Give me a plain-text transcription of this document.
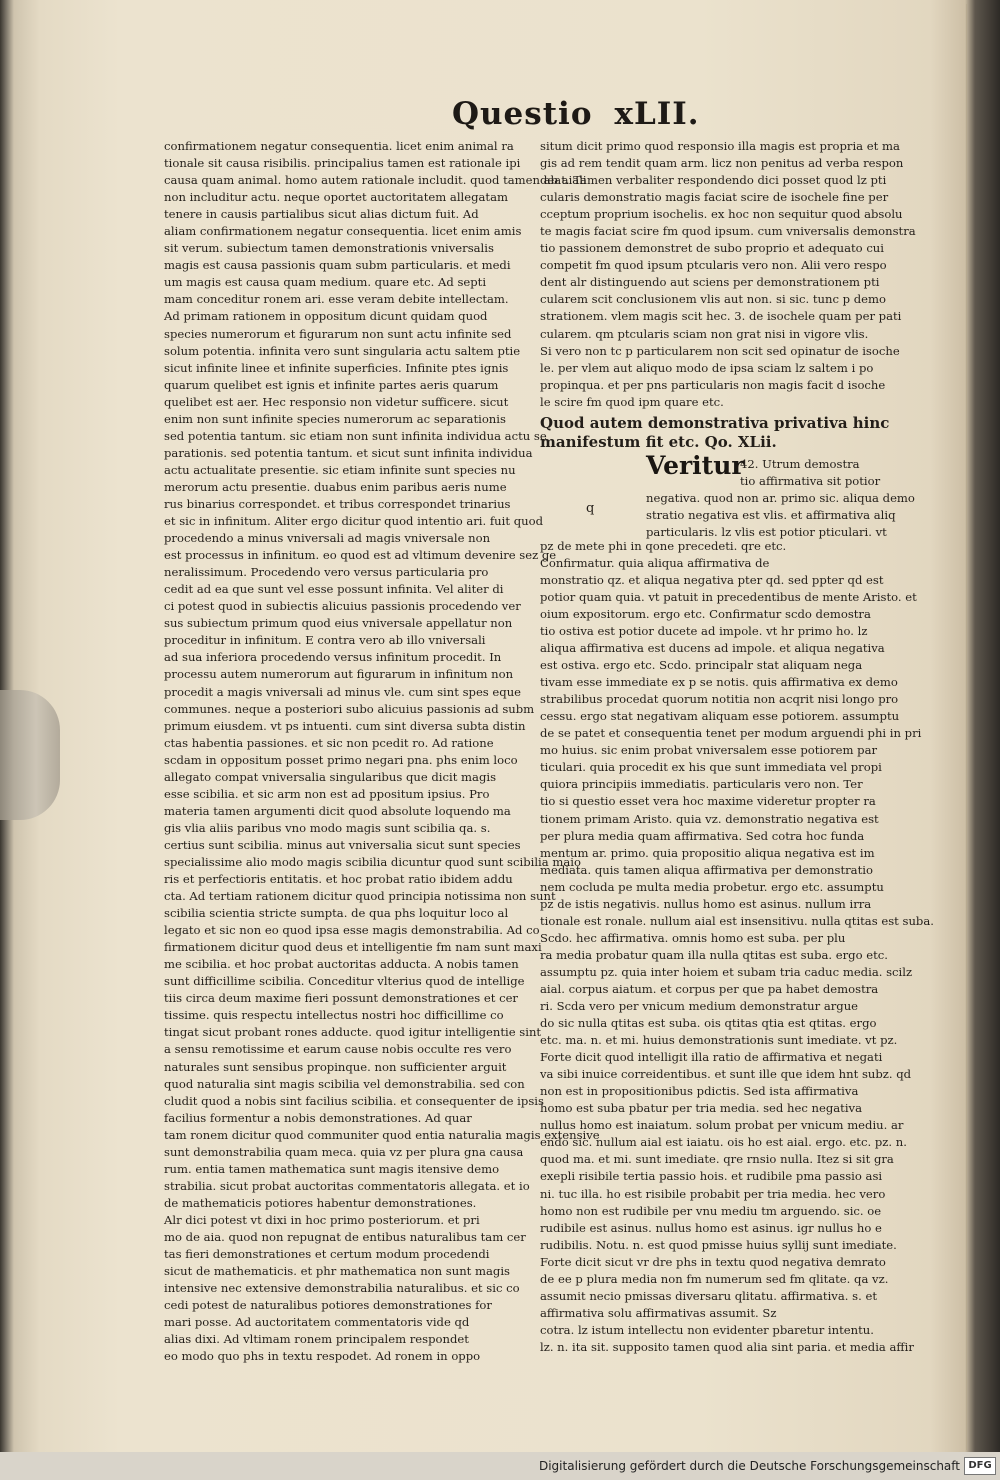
Questio xLII.
confirmationem negatur consequentia. licet enim animal ra
tionale sit causa risibilis. principalius tamen est rationale ipi
causa quam animal. homo autem rationale includit. quod tamen ab aiali
non includitur actu. neque oportet auctoritatem allegatam
tenere in causis partialibus sicut alias dictum fuit. Ad
aliam confirmationem negatur consequentia. licet enim amis
sit verum. subiectum tamen demonstrationis vniversalis
magis est causa passionis quam subm particularis. et medi
um magis est causa quam medium. quare etc. Ad septi
mam conceditur ronem ari. esse veram debite intellectam.
Ad primam rationem in oppositum dicunt quidam quod
species numerorum et figurarum non sunt actu infinite sed
solum potentia. infinita vero sunt singularia actu saltem ptie
sicut infinite linee et infinite superficies. Infinite ptes ignis
quarum quelibet est ignis et infinite partes aeris quarum
quelibet est aer. Hec responsio non videtur sufficere. sicut
enim non sunt infinite species numerorum ac separationis
sed potentia tantum. sic etiam non sunt infinita individua actu se
parationis. sed potentia tantum. et sicut sunt infinita individua
actu actualitate presentie. sic etiam infinite sunt species nu
merorum actu presentie. duabus enim paribus aeris nume
rus binarius correspondet. et tribus correspondet trinarius
et sic in infinitum. Aliter ergo dicitur quod intentio ari. fuit quod
procedendo a minus vniversali ad magis vniversale non
est processus in infinitum. eo quod est ad vltimum devenire sez ge
neralissimum. Procedendo vero versus particularia pro
cedit ad ea que sunt vel esse possunt infinita. Vel aliter di
ci potest quod in subiectis alicuius passionis procedendo ver
sus subiectum primum quod eius vniversale appellatur non
proceditur in infinitum. E contra vero ab illo vniversali
ad sua inferiora procedendo versus infinitum procedit. In
processu autem numerorum aut figurarum in infinitum non
procedit a magis vniversali ad minus vle. cum sint spes eque
communes. neque a posteriori subo alicuius passionis ad subm
primum eiusdem. vt ps intuenti. cum sint diversa subta distin
ctas habentia passiones. et sic non pcedit ro. Ad ratione
scdam in oppositum posset primo negari pna. phs enim loco
allegato compat vniversalia singularibus que dicit magis
esse scibilia. et sic arm non est ad ppositum ipsius. Pro
materia tamen argumenti dicit quod absolute loquendo ma
gis vlia aliis paribus vno modo magis sunt scibilia qa. s.
certius sunt scibilia. minus aut vniversalia sicut sunt species
specialissime alio modo magis scibilia dicuntur quod sunt scibilia maio
ris et perfectioris entitatis. et hoc probat ratio ibidem addu
cta. Ad tertiam rationem dicitur quod principia notissima non sunt
scibilia scientia stricte sumpta. de qua phs loquitur loco al
legato et sic non eo quod ipsa esse magis demonstrabilia. Ad co
firmationem dicitur quod deus et intelligentie fm nam sunt maxi
me scibilia. et hoc probat auctoritas adducta. A nobis tamen
sunt difficillime scibilia. Conceditur vlterius quod de intellige
tiis circa deum maxime fieri possunt demonstrationes et cer
tissime. quis respectu intellectus nostri hoc difficillime co
tingat sicut probant rones adducte. quod igitur intelligentie sint
a sensu remotissime et earum cause nobis occulte res vero
naturales sunt sensibus propinque. non sufficienter arguit
quod naturalia sint magis scibilia vel demonstrabilia. sed con
cludit quod a nobis sint facilius scibilia. et consequenter de ipsis
facilius formentur a nobis demonstrationes. Ad quar
tam ronem dicitur quod communiter quod entia naturalia magis extensive
sunt demonstrabilia quam meca. quia vz per plura gna causa
rum. entia tamen mathematica sunt magis itensive demo
strabilia. sicut probat auctoritas commentatoris allegata. et io
de mathematicis potiores habentur demonstrationes.
Alr dici potest vt dixi in hoc primo posteriorum. et pri
mo de aia. quod non repugnat de entibus naturalibus tam cer
tas fieri demonstrationes et certum modum procedendi
sicut de mathematicis. et phr mathematica non sunt magis
intensive nec extensive demonstrabilia naturalibus. et sic co
cedi potest de naturalibus potiores demonstrationes for
mari posse. Ad auctoritatem commentatoris vide qd
alias dixi. Ad vltimam ronem principalem respondet
eo modo quo phs in textu respodet. Ad ronem in oppo
situm dicit primo quod responsio illa magis est propria et ma
gis ad rem tendit quam arm. licz non penitus ad verba respon
deat. Tamen verbaliter respondendo dici posset quod lz pti
cularis demonstratio magis faciat scire de isochele fine per
cceptum proprium isochelis. ex hoc non sequitur quod absolu
te magis faciat scire fm quod ipsum. cum vniversalis demonstra
tio passionem demonstret de subo proprio et adequato cui
competit fm quod ipsum ptcularis vero non. Alii vero respo
dent alr distinguendo aut sciens per demonstrationem pti
cularem scit conclusionem vlis aut non. si sic. tunc p demo
strationem. vlem magis scit hec. 3. de isochele quam per pati
cularem. qm ptcularis sciam non grat nisi in vigore vlis.
Si vero non tc p particularem non scit sed opinatur de isoche
le. per vlem aut aliquo modo de ipsa sciam lz saltem i po
propinqua. et per pns particularis non magis facit d isoche
le scire fm quod ipm quare etc.
Quod autem demonstrativa privativa hinc
manifestum fit etc. Qo. XLii.
Veritur
q
42. Utrum demostra
tio affirmativa sit potior
negativa. quod non ar. primo sic. aliqua demo
stratio negativa est vlis. et affirmativa aliq
particularis. lz vlis est potior pticulari. vt
pz de mete phi in qone precedeti. qre etc.
Confirmatur. quia aliqua affirmativa de
monstratio qz. et aliqua negativa pter qd. sed ppter qd est
potior quam quia. vt patuit in precedentibus de mente Aristo. et
oium expositorum. ergo etc. Confirmatur scdo demostra
tio ostiva est potior ducete ad impole. vt hr primo ho. lz
aliqua affirmativa est ducens ad impole. et aliqua negativa
est ostiva. ergo etc. Scdo. principalr stat aliquam nega
tivam esse immediate ex p se notis. quis affirmativa ex demo
strabilibus procedat quorum notitia non acqrit nisi longo pro
cessu. ergo stat negativam aliquam esse potiorem. assumptu
de se patet et consequentia tenet per modum arguendi phi in pri
mo huius. sic enim probat vniversalem esse potiorem par
ticulari. quia procedit ex his que sunt immediata vel propi
quiora principiis immediatis. particularis vero non. Ter
tio si questio esset vera hoc maxime videretur propter ra
tionem primam Aristo. quia vz. demonstratio negativa est
per plura media quam affirmativa. Sed cotra hoc funda
mentum ar. primo. quia propositio aliqua negativa est im
mediata. quis tamen aliqua affirmativa per demonstratio
nem cocluda pe multa media probetur. ergo etc. assumptu
pz de istis negativis. nullus homo est asinus. nullum irra
tionale est ronale. nullum aial est insensitivu. nulla qtitas est suba.
Scdo. hec affirmativa. omnis homo est suba. per plu
ra media probatur quam illa nulla qtitas est suba. ergo etc.
assumptu pz. quia inter hoiem et subam tria caduc media. scilz
aial. corpus aiatum. et corpus per que pa habet demostra
ri. Scda vero per vnicum medium demonstratur argue
do sic nulla qtitas est suba. ois qtitas qtia est qtitas. ergo
etc. ma. n. et mi. huius demonstrationis sunt imediate. vt pz.
Forte dicit quod intelligit illa ratio de affirmativa et negati
va sibi inuice correidentibus. et sunt ille que idem hnt subz. qd
non est in propositionibus pdictis. Sed ista affirmativa
homo est suba pbatur per tria media. sed hec negativa
nullus homo est inaiatum. solum probat per vnicum mediu. ar
endo sic. nullum aial est iaiatu. ois ho est aial. ergo. etc. pz. n.
quod ma. et mi. sunt imediate. qre rnsio nulla. Itez si sit gra
exepli risibile tertia passio hois. et rudibile pma passio asi
ni. tuc illa. ho est risibile probabit per tria media. hec vero
homo non est rudibile per vnu mediu tm arguendo. sic. oe
rudibile est asinus. nullus homo est asinus. igr nullus ho e
rudibilis. Notu. n. est quod pmisse huius syllij sunt imediate.
Forte dicit sicut vr dre phs in textu quod negativa demrato
de ee p plura media non fm numerum sed fm qlitate. qa vz.
assumit necio pmissas diversaru qlitatu. affirmativa. s. et
affirmativa solu affirmativas assumit. Sz
cotra. lz istum intellectu non evidenter pbaretur intentu.
lz. n. ita sit. supposito tamen quod alia sint paria. et media affir
Digitalisierung gefördert durch die Deutsche Forschungsgemeinschaft DFG
